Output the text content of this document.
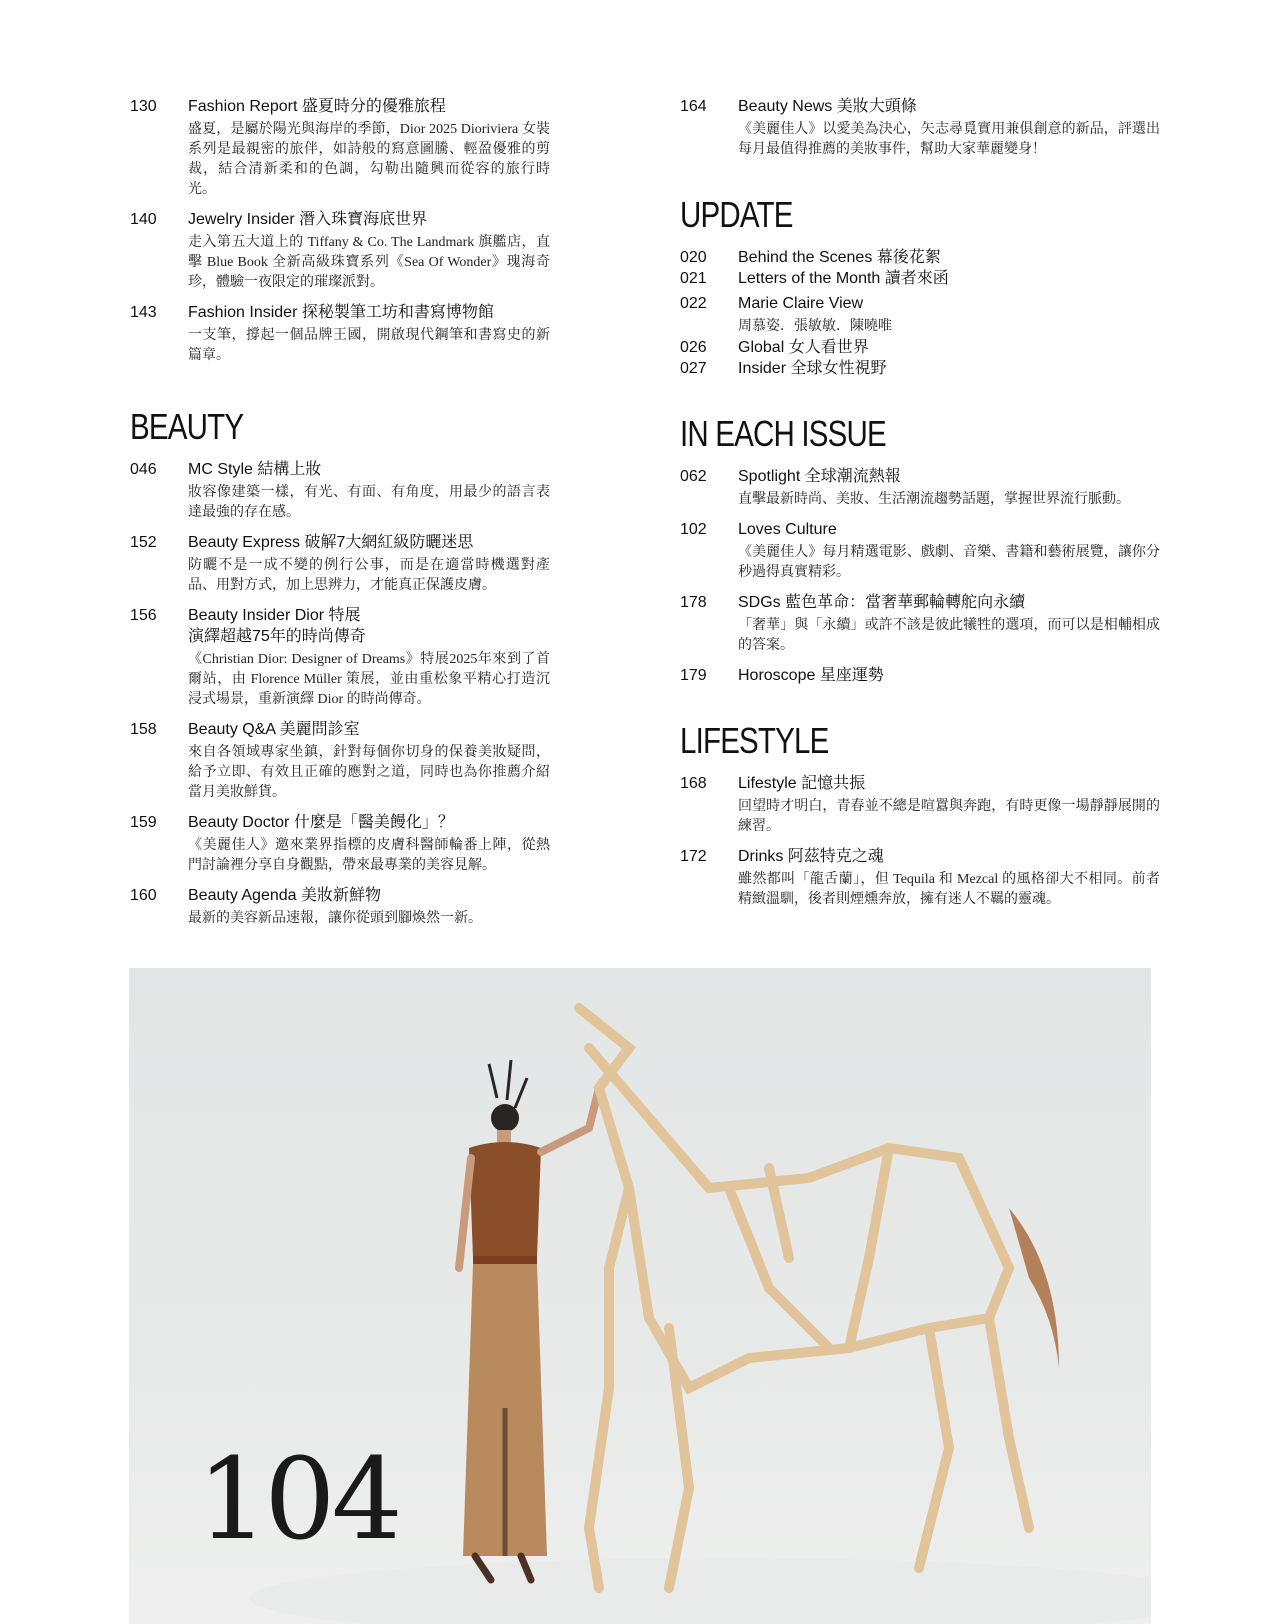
130	Fashion Report 盛夏時分的優雅旅程
盛夏，是屬於陽光與海岸的季節，Dior 2025 Dioriviera 女裝系列是最親密的旅伴，如詩般的寫意圖騰、輕盈優雅的剪裁，結合清新柔和的色調，勾勒出隨興而從容的旅行時光。
140	Jewelry Insider 潛入珠寶海底世界
走入第五大道上的 Tiffany & Co. The Landmark 旗艦店，直擊 Blue Book 全新高級珠寶系列《Sea Of Wonder》瑰海奇珍，體驗一夜限定的璀璨派對。
143	Fashion Insider 探秘製筆工坊和書寫博物館
一支筆，撐起一個品牌王國，開啟現代鋼筆和書寫史的新篇章。
BEAUTY
046	MC Style 結構上妝
妝容像建築一樣，有光、有面、有角度，用最少的語言表達最強的存在感。
152	Beauty Express 破解7大網紅級防曬迷思
防曬不是一成不變的例行公事，而是在適當時機選對產品、用對方式，加上思辨力，才能真正保護皮膚。
156	Beauty Insider Dior 特展
演繹超越75年的時尚傳奇
《Christian Dior: Designer of Dreams》特展2025年來到了首爾站，由 Florence Müller 策展，並由重松象平精心打造沉浸式場景，重新演繹 Dior 的時尚傳奇。
158	Beauty Q&A 美麗問診室
來自各領域專家坐鎮，針對每個你切身的保養美妝疑問，給予立即、有效且正確的應對之道，同時也為你推薦介紹當月美妝鮮貨。
159	Beauty Doctor 什麼是「醫美饅化」？
《美麗佳人》邀來業界指標的皮膚科醫師輪番上陣，從熱門討論裡分享自身觀點，帶來最專業的美容見解。
160	Beauty Agenda 美妝新鮮物
最新的美容新品速報，讓你從頭到腳煥然一新。
164	Beauty News 美妝大頭條
《美麗佳人》以愛美為決心，矢志尋覓實用兼俱創意的新品，評選出每月最值得推薦的美妝事件，幫助大家華麗變身！
UPDATE
020	Behind the Scenes 幕後花絮
021	Letters of the Month 讀者來函
022	Marie Claire View
周慕姿．張敏敏．陳曉唯
026	Global 女人看世界
027	Insider 全球女性視野
IN EACH ISSUE
062	Spotlight 全球潮流熱報
直擊最新時尚、美妝、生活潮流趨勢話題，掌握世界流行脈動。
102	Loves Culture
《美麗佳人》每月精選電影、戲劇、音樂、書籍和藝術展覽，讓你分秒過得真實精彩。
178	SDGs 藍色革命：當奢華郵輪轉舵向永續
「奢華」與「永續」或許不該是彼此犧牲的選項，而可以是相輔相成的答案。
179	Horoscope 星座運勢
LIFESTYLE
168	Lifestyle 記憶共振
回望時才明白，青春並不總是喧囂與奔跑，有時更像一場靜靜展開的練習。
172	Drinks 阿茲特克之魂
雖然都叫「龍舌蘭」，但 Tequila 和 Mezcal 的風格卻大不相同。前者精緻溫馴，後者則煙燻奔放，擁有迷人不羈的靈魂。
104
